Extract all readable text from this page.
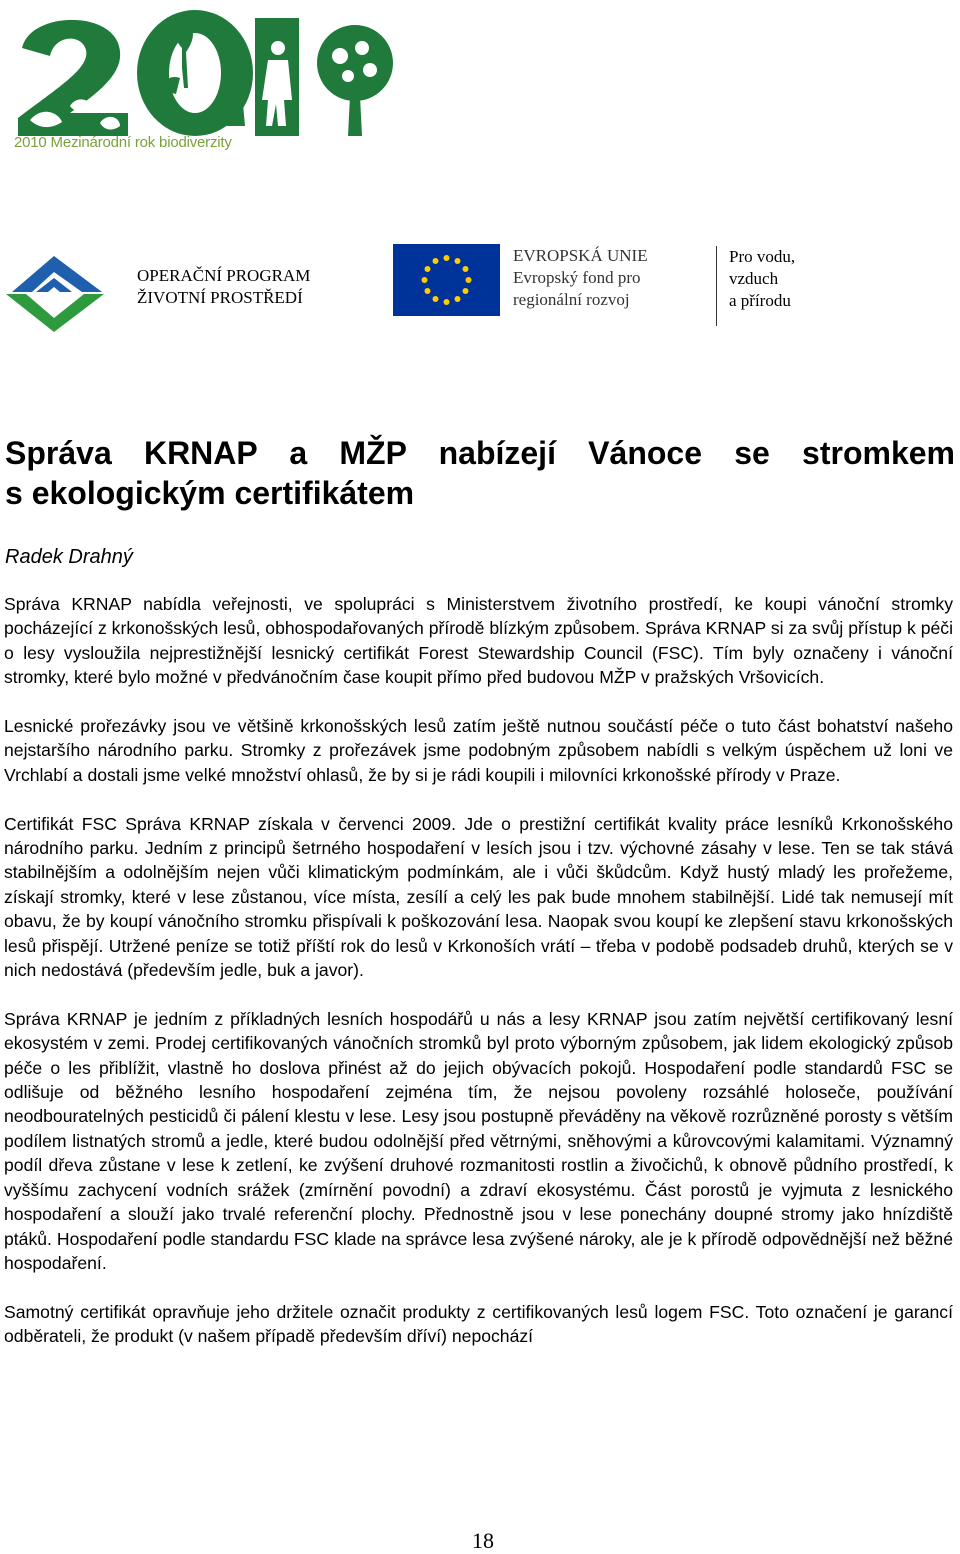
2010 Mezinárodní rok biodiverzity
OPERAČNÍ PROGRAM
ŽIVOTNÍ PROSTŘEDÍ
EVROPSKÁ UNIE
Evropský fond pro
regionální rozvoj
Pro vodu,
vzduch
a přírodu
Správa KRNAP a MŽP nabízejí Vánoce se stromkem
s ekologickým certifikátem
Radek Drahný

Správa KRNAP nabídla veřejnosti, ve spolupráci s Ministerstvem životního prostředí, ke koupi vánoční stromky pocházející z krkonošských lesů, obhospodařovaných přírodě blízkým způsobem. Správa KRNAP si za svůj přístup k péči o lesy vysloužila nejprestižnější lesnický certifikát Forest Stewardship Council (FSC). Tím byly označeny i vánoční stromky, které bylo možné v předvánočním čase koupit přímo před budovou MŽP v pražských Vršovicích.

Lesnické prořezávky jsou ve většině krkonošských lesů zatím ještě nutnou součástí péče o tuto část bohatství našeho nejstaršího národního parku. Stromky z prořezávek jsme podobným způsobem nabídli s velkým úspěchem už loni ve Vrchlabí a dostali jsme velké množství ohlasů, že by si je rádi koupili i milovníci krkonošské přírody v Praze.

Certifikát FSC Správa KRNAP získala v červenci 2009. Jde o prestižní certifikát kvality práce lesníků Krkonošského národního parku. Jedním z principů šetrného hospodaření v lesích jsou i tzv. výchovné zásahy v lese. Ten se tak stává stabilnějším a odolnějším nejen vůči klimatickým podmínkám, ale i vůči škůdcům. Když hustý mladý les prořežeme, získají stromky, které v lese zůstanou, více místa, zesílí a celý les pak bude mnohem stabilnější. Lidé tak nemusejí mít obavu, že by koupí vánočního stromku přispívali k poškozování lesa. Naopak svou koupí ke zlepšení stavu krkonošských lesů přispějí. Utržené peníze se totiž příští rok do lesů v Krkonoších vrátí – třeba v podobě podsadeb druhů, kterých se v nich nedostává (především jedle, buk a javor).

Správa KRNAP je jedním z příkladných lesních hospodářů u nás a lesy KRNAP jsou zatím největší certifikovaný lesní ekosystém v zemi. Prodej certifikovaných vánočních stromků byl proto výborným způsobem, jak lidem ekologický způsob péče o les přiblížit, vlastně ho doslova přinést až do jejich obývacích pokojů. Hospodaření podle standardů FSC se odlišuje od běžného lesního hospodaření zejména tím, že nejsou povoleny rozsáhlé holoseče, používání neodbouratelných pesticidů či pálení klestu v lese. Lesy jsou postupně převáděny na věkově rozrůzněné porosty s větším podílem listnatých stromů a jedle, které budou odolnější před větrnými, sněhovými a kůrovcovými kalamitami. Významný podíl dřeva zůstane v lese k zetlení, ke zvýšení druhové rozmanitosti rostlin a živočichů, k obnově půdního prostředí, k vyššímu zachycení vodních srážek (zmírnění povodní) a zdraví ekosystému. Část porostů je vyjmuta z lesnického hospodaření a slouží jako trvalé referenční plochy. Přednostně jsou v lese ponechány doupné stromy jako hnízdiště ptáků. Hospodaření podle standardu FSC klade na správce lesa zvýšené nároky, ale je k přírodě odpovědnější než běžné hospodaření.

Samotný certifikát opravňuje jeho držitele označit produkty z certifikovaných lesů logem FSC. Toto označení je garancí odběrateli, že produkt (v našem případě především dříví) nepochází

18
